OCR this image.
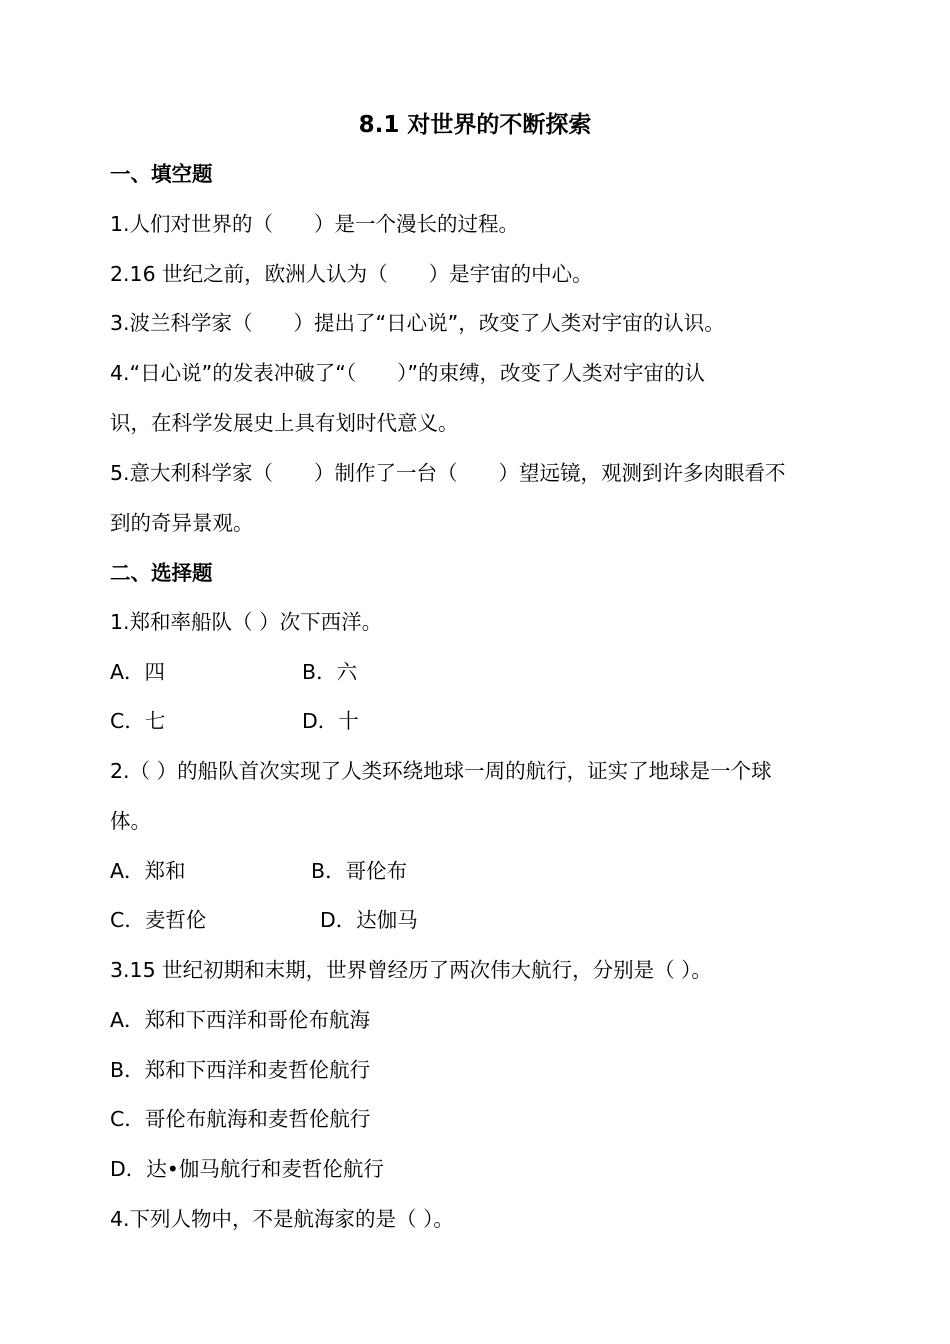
8.1 对世界的不断探索
一、填空题
1.人们对世界的（　　）是一个漫长的过程。
2.16 世纪之前，欧洲人认为（　　）是宇宙的中心。
3.波兰科学家（　　）提出了“日心说”，改变了人类对宇宙的认识。
4.“日心说”的发表冲破了“（　　）”的束缚，改变了人类对宇宙的认
识，在科学发展史上具有划时代意义。
5.意大利科学家（　　）制作了一台（　　）望远镜，观测到许多肉眼看不
到的奇异景观。
二、选择题
1.郑和率船队（ ）次下西洋。
A．四	B．六
C．七	D．十
2.（ ）的船队首次实现了人类环绕地球一周的航行，证实了地球是一个球
体。
A．郑和	B．哥伦布
C．麦哲伦	D．达伽马
3.15 世纪初期和末期，世界曾经历了两次伟大航行，分别是（ ）。
A．郑和下西洋和哥伦布航海
B．郑和下西洋和麦哲伦航行
C．哥伦布航海和麦哲伦航行
D．达•伽马航行和麦哲伦航行
4.下列人物中，不是航海家的是（ ）。
